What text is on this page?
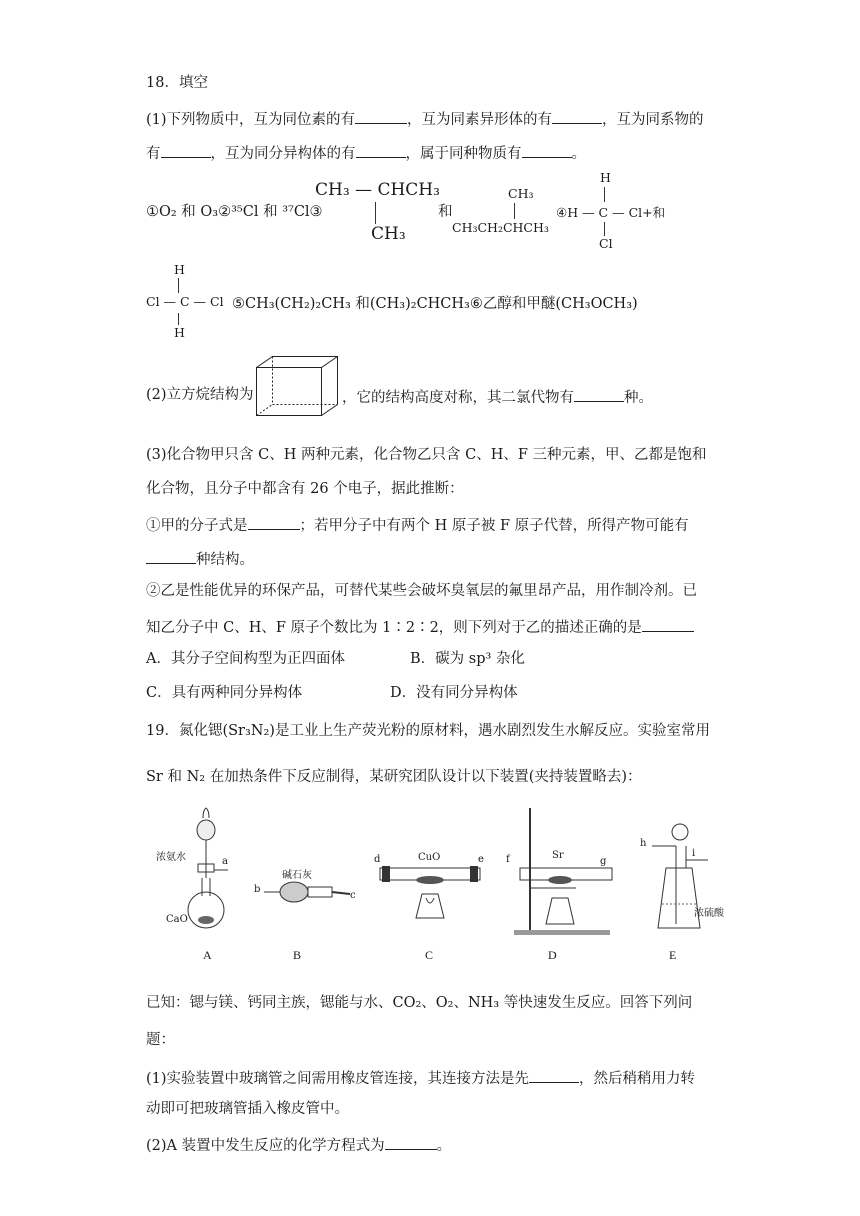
18．填空
(1)下列物质中，互为同位素的有	，互为同素异形体的有	，互为同系物的
有	，互为同分异构体的有	，属于同种物质有	。
①O₂ 和 O₃②³⁵Cl 和 ³⁷Cl③
CH₃ — CHCH₃
CH₃
和
CH₃
CH₃CH₂CHCH₃
H
④H — C — Cl+和
Cl
H
Cl — C — Cl
H
⑤CH₃(CH₂)₂CH₃ 和(CH₃)₂CHCH₃⑥乙醇和甲醚(CH₃OCH₃)
(2)立方烷结构为	，它的结构高度对称，其二氯代物有	种。
(3)化合物甲只含 C、H 两种元素，化合物乙只含 C、H、F 三种元素，甲、乙都是饱和
化合物，且分子中都含有 26 个电子，据此推断：
①甲的分子式是	；若甲分子中有两个 H 原子被 F 原子代替，所得产物可能有
种结构。
②乙是性能优异的环保产品，可替代某些会破坏臭氧层的氟里昂产品，用作制冷剂。已
知乙分子中 C、H、F 原子个数比为 1∶2∶2，则下列对于乙的描述正确的是
A．其分子空间构型为正四面体	B．碳为 sp³ 杂化
C．具有两种同分异构体	D．没有同分异构体
19．氮化锶(Sr₃N₂)是工业上生产荧光粉的原材料，遇水剧烈发生水解反应。实验室常用
Sr 和 N₂ 在加热条件下反应制得，某研究团队设计以下装置(夹持装置略去)：
浓氨水	a
CaO
碱石灰
b
c
CuO
d	e f	Sr
g
h
i
浓硫酸
A	B	C	D	E
已知：锶与镁、钙同主族，锶能与水、CO₂、O₂、NH₃ 等快速发生反应。回答下列问
题：
(1)实验装置中玻璃管之间需用橡皮管连接，其连接方法是先	，然后稍稍用力转
动即可把玻璃管插入橡皮管中。
(2)A 装置中发生反应的化学方程式为	。
